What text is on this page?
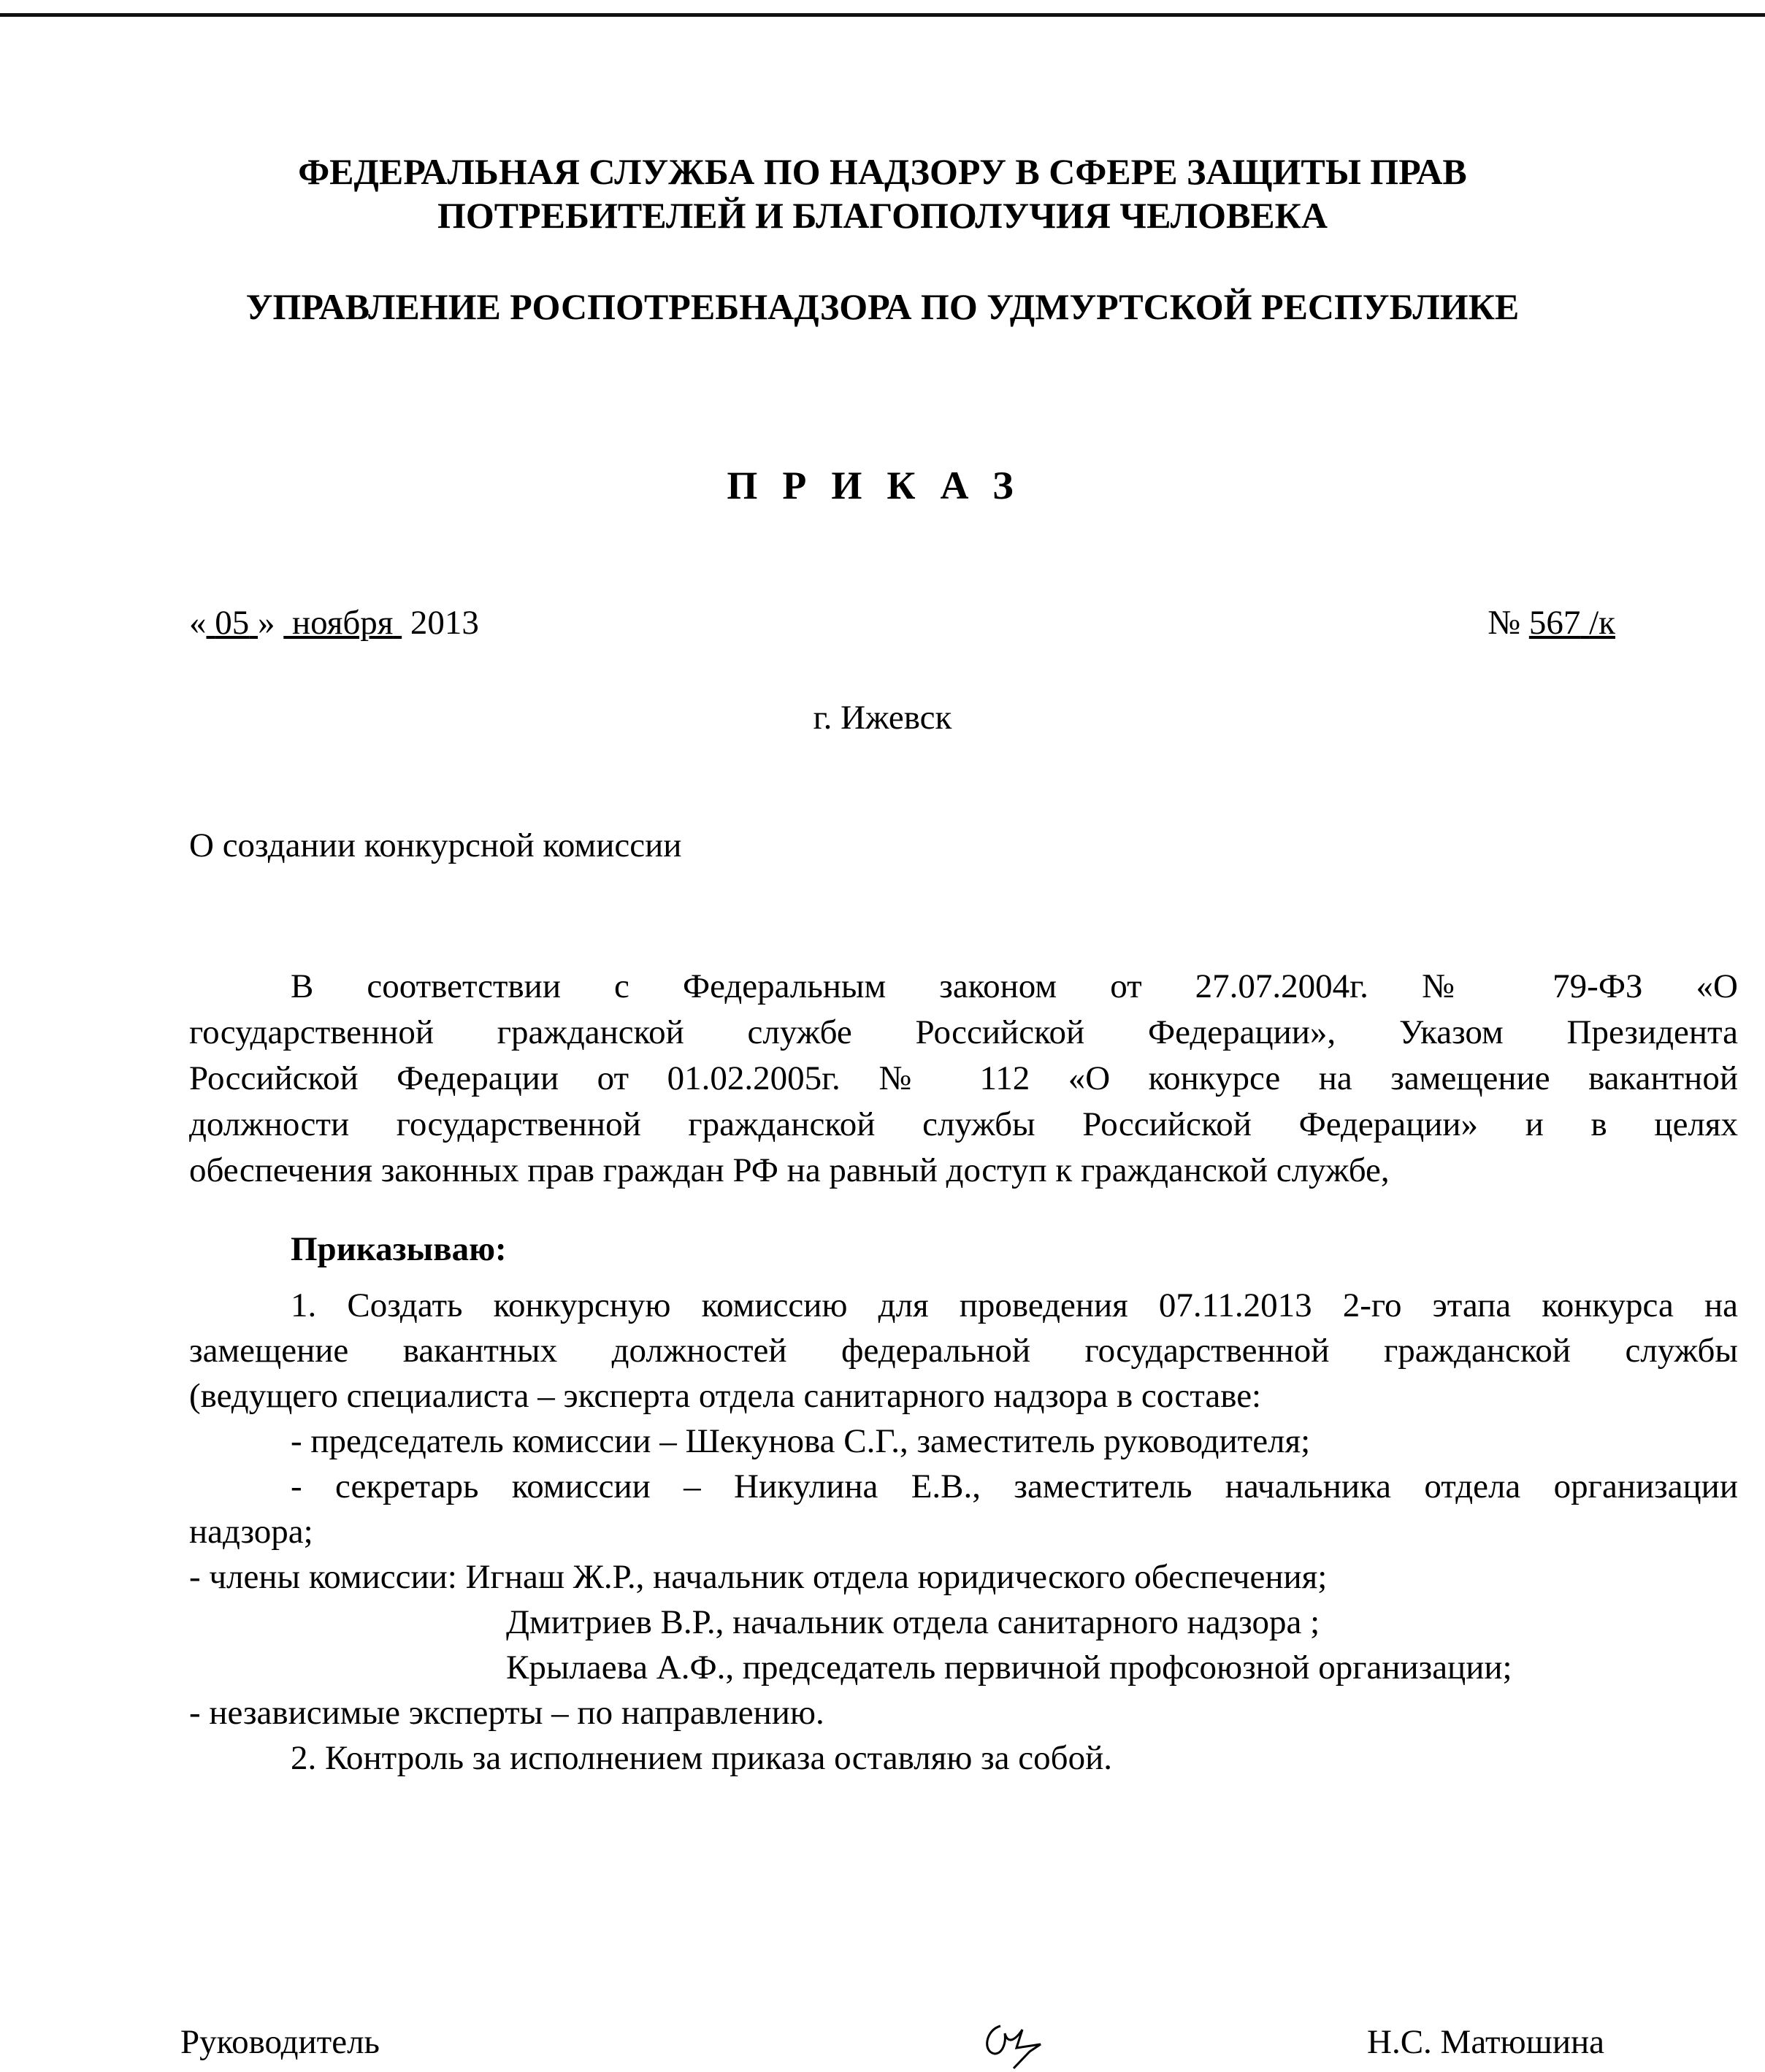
ФЕДЕРАЛЬНАЯ СЛУЖБА ПО НАДЗОРУ В СФЕРЕ ЗАЩИТЫ ПРАВ
ПОТРЕБИТЕЛЕЙ И БЛАГОПОЛУЧИЯ ЧЕЛОВЕКА
УПРАВЛЕНИЕ РОСПОТРЕБНАДЗОРА ПО УДМУРТСКОЙ РЕСПУБЛИКЕ
ПРИКАЗ
« 05 » ноября 2013	№ 567 /к
г. Ижевск
О создании конкурсной комиссии
В соответствии с Федеральным законом от 27.07.2004г. № 79-ФЗ «О
государственной гражданской службе Российской Федерации», Указом Президента
Российской Федерации от 01.02.2005г. № 112 «О конкурсе на замещение вакантной
должности государственной гражданской службы Российской Федерации» и в целях
обеспечения законных прав граждан РФ на равный доступ к гражданской службе,
Приказываю:
1. Создать конкурсную комиссию для проведения 07.11.2013 2-го этапа конкурса на
замещение вакантных должностей федеральной государственной гражданской службы
(ведущего специалиста – эксперта отдела санитарного надзора в составе:
- председатель комиссии – Шекунова С.Г., заместитель руководителя;
- секретарь комиссии – Никулина Е.В., заместитель начальника отдела организации
надзора;
- члены комиссии: Игнаш Ж.Р., начальник отдела юридического обеспечения;
Дмитриев В.Р., начальник отдела санитарного надзора ;
Крылаева А.Ф., председатель первичной профсоюзной организации;
- независимые эксперты – по направлению.
2. Контроль за исполнением приказа оставляю за собой.
Руководитель	Н.С. Матюшина
